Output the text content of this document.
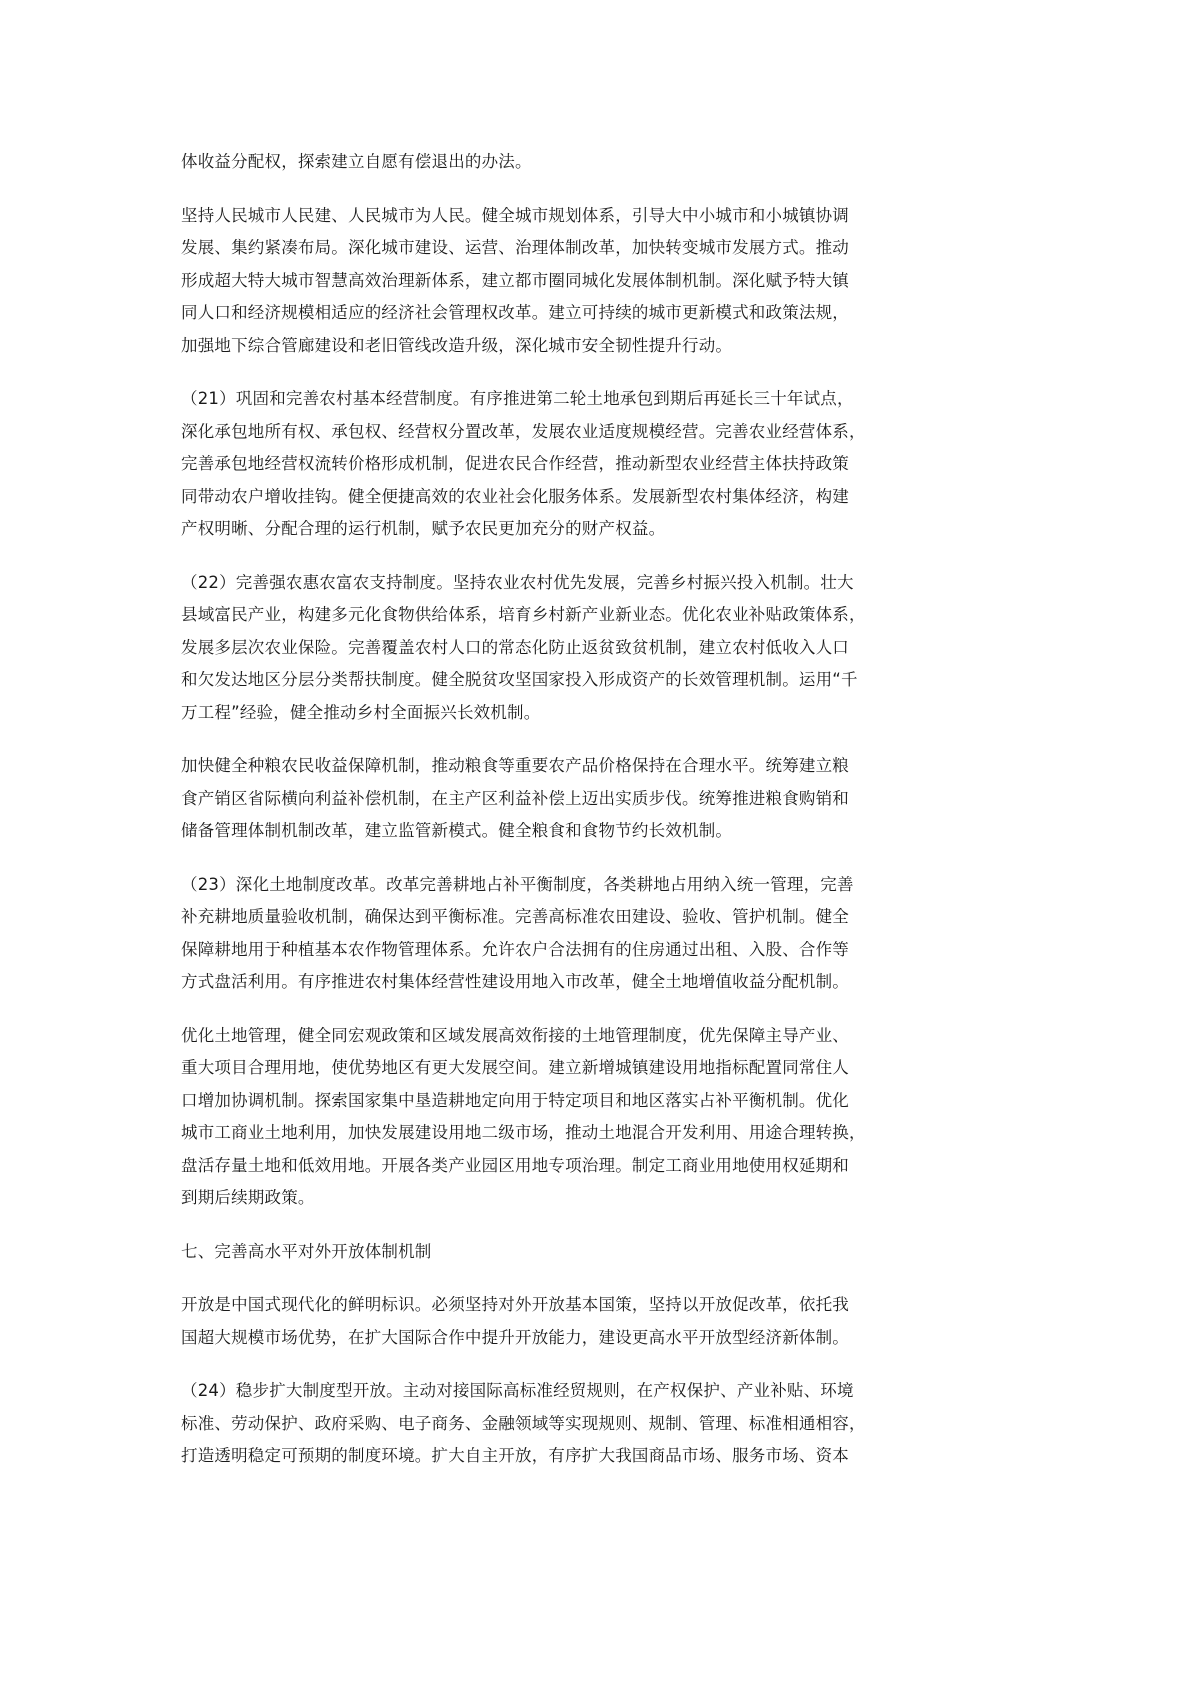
体收益分配权，探索建立自愿有偿退出的办法。

坚持人民城市人民建、人民城市为人民。健全城市规划体系，引导大中小城市和小城镇协调
发展、集约紧凑布局。深化城市建设、运营、治理体制改革，加快转变城市发展方式。推动
形成超大特大城市智慧高效治理新体系，建立都市圈同城化发展体制机制。深化赋予特大镇
同人口和经济规模相适应的经济社会管理权改革。建立可持续的城市更新模式和政策法规，
加强地下综合管廊建设和老旧管线改造升级，深化城市安全韧性提升行动。

（21）巩固和完善农村基本经营制度。有序推进第二轮土地承包到期后再延长三十年试点，
深化承包地所有权、承包权、经营权分置改革，发展农业适度规模经营。完善农业经营体系，
完善承包地经营权流转价格形成机制，促进农民合作经营，推动新型农业经营主体扶持政策
同带动农户增收挂钩。健全便捷高效的农业社会化服务体系。发展新型农村集体经济，构建
产权明晰、分配合理的运行机制，赋予农民更加充分的财产权益。

（22）完善强农惠农富农支持制度。坚持农业农村优先发展，完善乡村振兴投入机制。壮大
县域富民产业，构建多元化食物供给体系，培育乡村新产业新业态。优化农业补贴政策体系，
发展多层次农业保险。完善覆盖农村人口的常态化防止返贫致贫机制，建立农村低收入人口
和欠发达地区分层分类帮扶制度。健全脱贫攻坚国家投入形成资产的长效管理机制。运用“千
万工程”经验，健全推动乡村全面振兴长效机制。

加快健全种粮农民收益保障机制，推动粮食等重要农产品价格保持在合理水平。统筹建立粮
食产销区省际横向利益补偿机制，在主产区利益补偿上迈出实质步伐。统筹推进粮食购销和
储备管理体制机制改革，建立监管新模式。健全粮食和食物节约长效机制。

（23）深化土地制度改革。改革完善耕地占补平衡制度，各类耕地占用纳入统一管理，完善
补充耕地质量验收机制，确保达到平衡标准。完善高标准农田建设、验收、管护机制。健全
保障耕地用于种植基本农作物管理体系。允许农户合法拥有的住房通过出租、入股、合作等
方式盘活利用。有序推进农村集体经营性建设用地入市改革，健全土地增值收益分配机制。

优化土地管理，健全同宏观政策和区域发展高效衔接的土地管理制度，优先保障主导产业、
重大项目合理用地，使优势地区有更大发展空间。建立新增城镇建设用地指标配置同常住人
口增加协调机制。探索国家集中垦造耕地定向用于特定项目和地区落实占补平衡机制。优化
城市工商业土地利用，加快发展建设用地二级市场，推动土地混合开发利用、用途合理转换，
盘活存量土地和低效用地。开展各类产业园区用地专项治理。制定工商业用地使用权延期和
到期后续期政策。

七、完善高水平对外开放体制机制

开放是中国式现代化的鲜明标识。必须坚持对外开放基本国策，坚持以开放促改革，依托我
国超大规模市场优势，在扩大国际合作中提升开放能力，建设更高水平开放型经济新体制。

（24）稳步扩大制度型开放。主动对接国际高标准经贸规则，在产权保护、产业补贴、环境
标准、劳动保护、政府采购、电子商务、金融领域等实现规则、规制、管理、标准相通相容，
打造透明稳定可预期的制度环境。扩大自主开放，有序扩大我国商品市场、服务市场、资本
